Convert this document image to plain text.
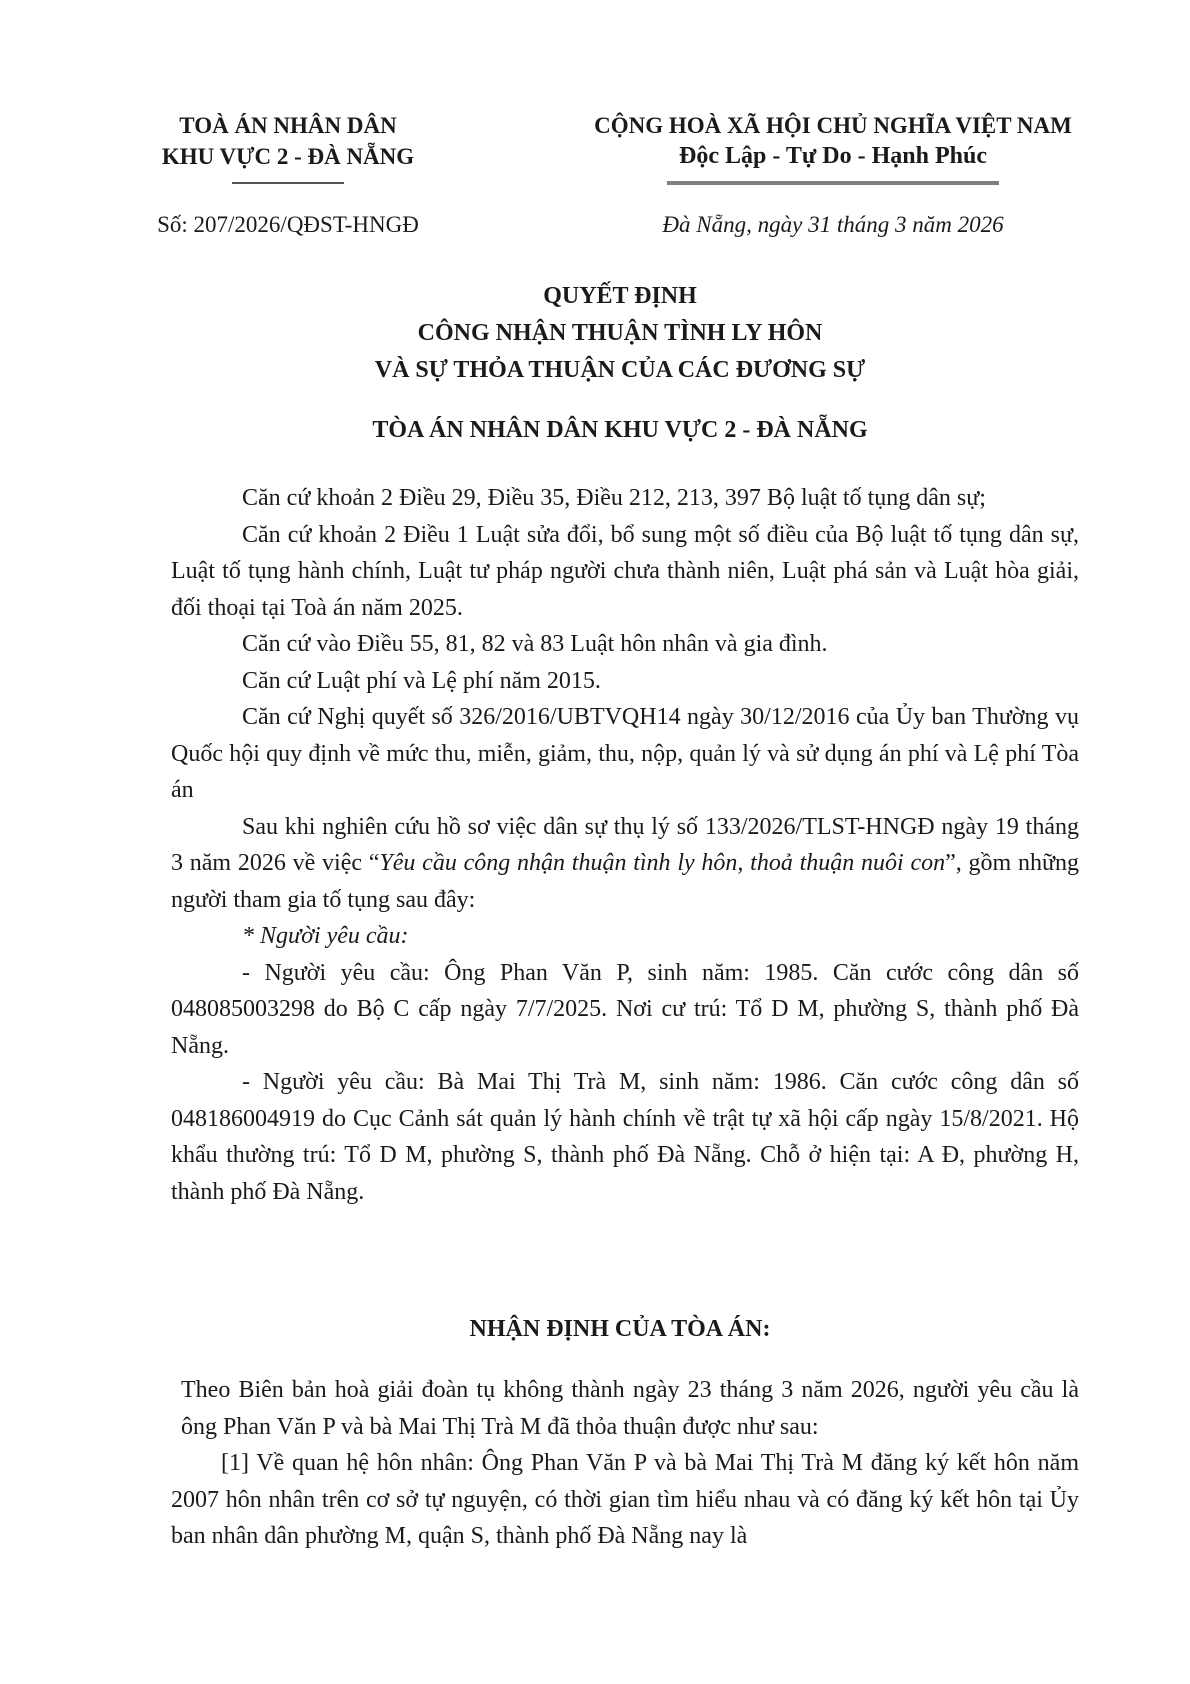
TOÀ ÁN NHÂN DÂN
KHU VỰC 2 - ĐÀ NẴNG
CỘNG HOÀ XÃ HỘI CHỦ NGHĨA VIỆT NAM
Độc Lập - Tự Do - Hạnh Phúc
Số: 207/2026/QĐST-HNGĐ	Đà Nẵng, ngày 31 tháng 3 năm 2026
QUYẾT ĐỊNH
CÔNG NHẬN THUẬN TÌNH LY HÔN
VÀ SỰ THỎA THUẬN CỦA CÁC ĐƯƠNG SỰ
TÒA ÁN NHÂN DÂN KHU VỰC 2 - ĐÀ NẴNG

Căn cứ khoản 2 Điều 29, Điều 35, Điều 212, 213, 397 Bộ luật tố tụng dân sự;

Căn cứ khoản 2 Điều 1 Luật sửa đổi, bổ sung một số điều của Bộ luật tố tụng dân sự, Luật tố tụng hành chính, Luật tư pháp người chưa thành niên, Luật phá sản và Luật hòa giải, đối thoại tại Toà án năm 2025.

Căn cứ vào Điều 55, 81, 82 và 83 Luật hôn nhân và gia đình.

Căn cứ Luật phí và Lệ phí năm 2015.

Căn cứ Nghị quyết số 326/2016/UBTVQH14 ngày 30/12/2016 của Ủy ban Thường vụ Quốc hội quy định về mức thu, miễn, giảm, thu, nộp, quản lý và sử dụng án phí và Lệ phí Tòa án

Sau khi nghiên cứu hồ sơ việc dân sự thụ lý số 133/2026/TLST-HNGĐ ngày 19 tháng 3 năm 2026 về việc “Yêu cầu công nhận thuận tình ly hôn, thoả thuận nuôi con”, gồm những người tham gia tố tụng sau đây:

* Người yêu cầu:

- Người yêu cầu: Ông Phan Văn P, sinh năm: 1985. Căn cước công dân số 048085003298 do Bộ C cấp ngày 7/7/2025. Nơi cư trú: Tổ D M, phường S, thành phố Đà Nẵng.

- Người yêu cầu: Bà Mai Thị Trà M, sinh năm: 1986. Căn cước công dân số 048186004919 do Cục Cảnh sát quản lý hành chính về trật tự xã hội cấp ngày 15/8/2021. Hộ khẩu thường trú: Tổ D M, phường S, thành phố Đà Nẵng. Chỗ ở hiện tại: A Đ, phường H, thành phố Đà Nẵng.

NHẬN ĐỊNH CỦA TÒA ÁN:

Theo Biên bản hoà giải đoàn tụ không thành ngày 23 tháng 3 năm 2026, người yêu cầu là ông Phan Văn P và bà Mai Thị Trà M đã thỏa thuận được như sau:

[1] Về quan hệ hôn nhân: Ông Phan Văn P và bà Mai Thị Trà M đăng ký kết hôn năm 2007 hôn nhân trên cơ sở tự nguyện, có thời gian tìm hiểu nhau và có đăng ký kết hôn tại Ủy ban nhân dân phường M, quận S, thành phố Đà Nẵng nay là
